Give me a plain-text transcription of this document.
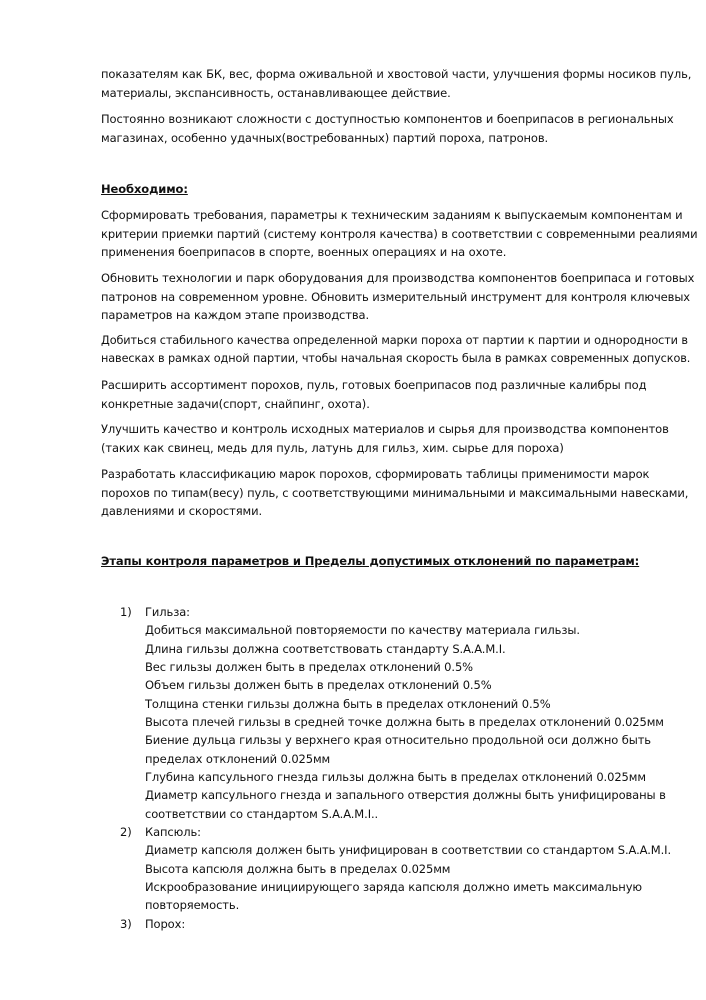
показателям как БК, вес, форма оживальной и хвостовой части, улучшения формы носиков пуль,
материалы, экспансивность, останавливающее действие.
Постоянно возникают сложности с доступностью компонентов и боеприпасов в региональных
магазинах, особенно удачных(востребованных) партий пороха, патронов.
Необходимо:
Сформировать требования, параметры к техническим заданиям к выпускаемым компонентам и
критерии приемки партий (систему контроля качества) в соответствии с современными реалиями
применения боеприпасов в спорте, военных операциях и на охоте.
Обновить технологии и парк оборудования для производства компонентов боеприпаса и готовых
патронов на современном уровне. Обновить измерительный инструмент для контроля ключевых
параметров на каждом этапе производства.
Добиться стабильного качества определенной марки пороха от партии к партии и однородности в
навесках в рамках одной партии, чтобы начальная скорость была в рамках современных допусков.
Расширить ассортимент порохов, пуль, готовых боеприпасов под различные калибры под
конкретные задачи(спорт, снайпинг, охота).
Улучшить качество и контроль исходных материалов и сырья для производства компонентов
(таких как свинец, медь для пуль, латунь для гильз, хим. сырье для пороха)
Разработать классификацию марок порохов, сформировать таблицы применимости марок
порохов по типам(весу) пуль, с соответствующими минимальными и максимальными навесками,
давлениями и скоростями.
Этапы контроля параметров и Пределы допустимых отклонений по параметрам:
1) Гильза:
Добиться максимальной повторяемости по качеству материала гильзы.
Длина гильзы должна соответствовать стандарту S.A.A.M.I.
Вес гильзы должен быть в пределах отклонений 0.5%
Объем гильзы должен быть в пределах отклонений 0.5%
Толщина стенки гильзы должна быть в пределах отклонений 0.5%
Высота плечей гильзы в средней точке должна быть в пределах отклонений 0.025мм
Биение дульца гильзы у верхнего края относительно продольной оси должно быть
пределах отклонений 0.025мм
Глубина капсульного гнезда гильзы должна быть в пределах отклонений 0.025мм
Диаметр капсульного гнезда и запального отверстия должны быть унифицированы в
соответствии со стандартом S.A.A.M.I..
2) Капсюль:
Диаметр капсюля должен быть унифицирован в соответствии со стандартом S.A.A.M.I.
Высота капсюля должна быть в пределах 0.025мм
Искрообразование инициирующего заряда капсюля должно иметь максимальную
повторяемость.
3) Порох:
